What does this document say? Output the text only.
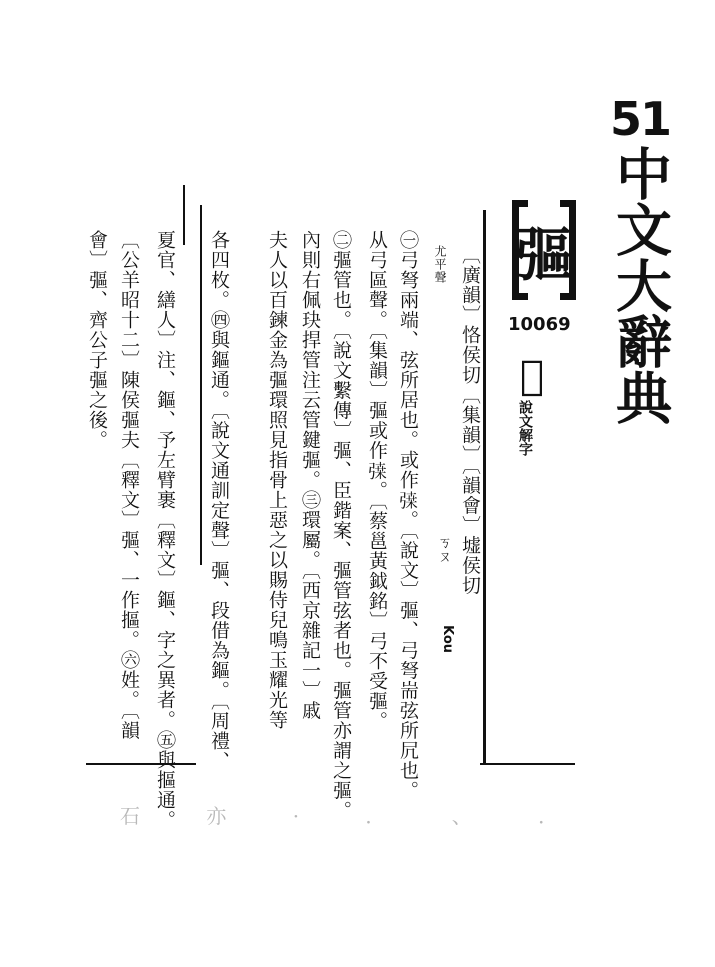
51
中文大辭典
彄
10069
𢏃
說文解字
〔廣韻〕恪侯切〔集韻〕〔韻會〕墟侯切
尤平聲
ㄎㄡ
Kou
㊀弓弩兩端、弦所居也。或作𢐇。〔說文〕彄、弓弩耑弦所凥也。
从弓區聲。〔集韻〕彄或作𢐇。〔蔡邕黃鉞銘〕弓不受彄。
㊁彄管也。〔說文繫傳〕彄、臣鍇案、彄管弦者也。彄管亦謂之彄。
內則右佩玦捍管注云管鍵彄。㊂環屬。〔西京雜記一〕戚
夫人以百鍊金為彄環照見指骨上惡之以賜侍兒鳴玉耀光等
各四枚。㊃與鏂通。〔說文通訓定聲〕彄、段借為鏂。〔周禮、
夏官、繕人〕注、鏂、予左臂裹〔釋文〕鏂、字之異者。㊄與摳通。
〔公羊昭十二〕陳侯彄夫〔釋文〕彄、一作摳。㊅姓。〔韻
會〕彄、齊公子彄之後。
石 亦 · ． 、 ．
